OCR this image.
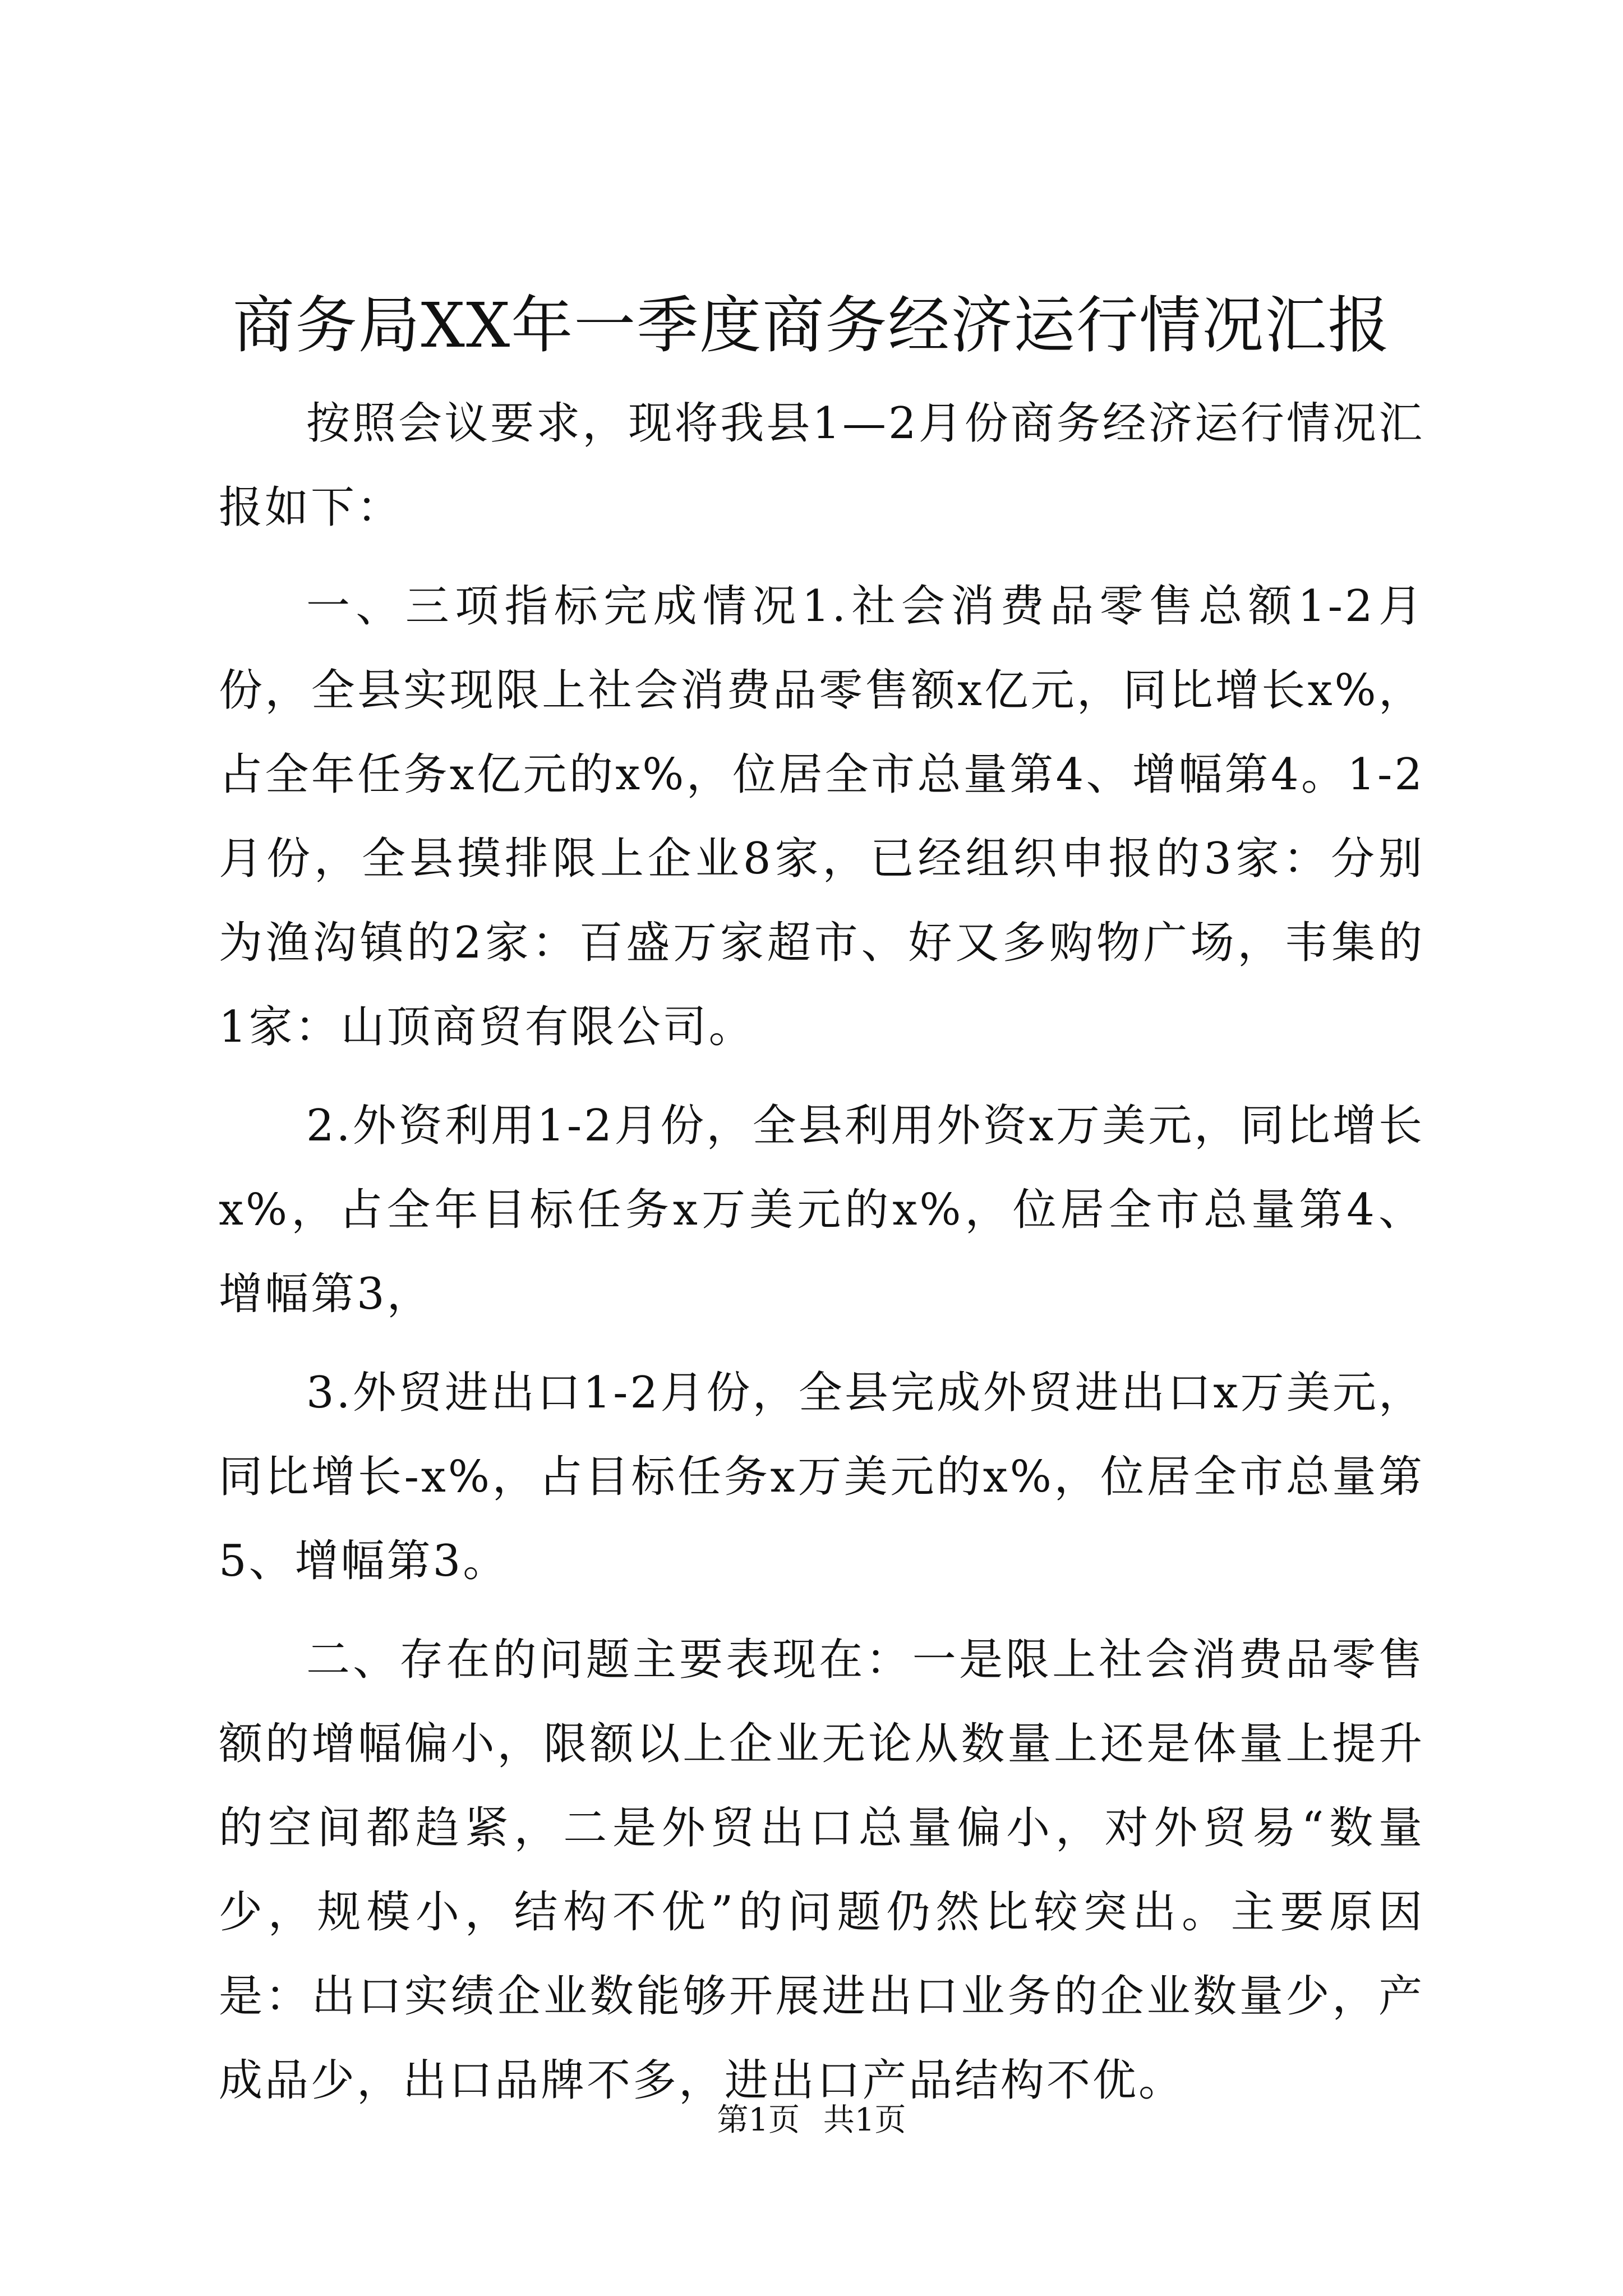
商务局XX年一季度商务经济运行情况汇报

按照会议要求，现将我县1—2月份商务经济运行情况汇报如下：

一、三项指标完成情况1.社会消费品零售总额1-2月份，全县实现限上社会消费品零售额x亿元，同比增长x%，占全年任务x亿元的x%，位居全市总量第4、增幅第4。1-2月份，全县摸排限上企业8家，已经组织申报的3家：分别为渔沟镇的2家：百盛万家超市、好又多购物广场，韦集的1家：山顶商贸有限公司。

2.外资利用1-2月份，全县利用外资x万美元，同比增长x%，占全年目标任务x万美元的x%，位居全市总量第4、增幅第3，

3.外贸进出口1-2月份，全县完成外贸进出口x万美元，同比增长-x%，占目标任务x万美元的x%，位居全市总量第5、增幅第3。

二、存在的问题主要表现在：一是限上社会消费品零售额的增幅偏小，限额以上企业无论从数量上还是体量上提升的空间都趋紧，二是外贸出口总量偏小，对外贸易“数量少，规模小，结构不优”的问题仍然比较突出。主要原因是：出口实绩企业数能够开展进出口业务的企业数量少，产成品少，出口品牌不多，进出口产品结构不优。

第1页 共1页
